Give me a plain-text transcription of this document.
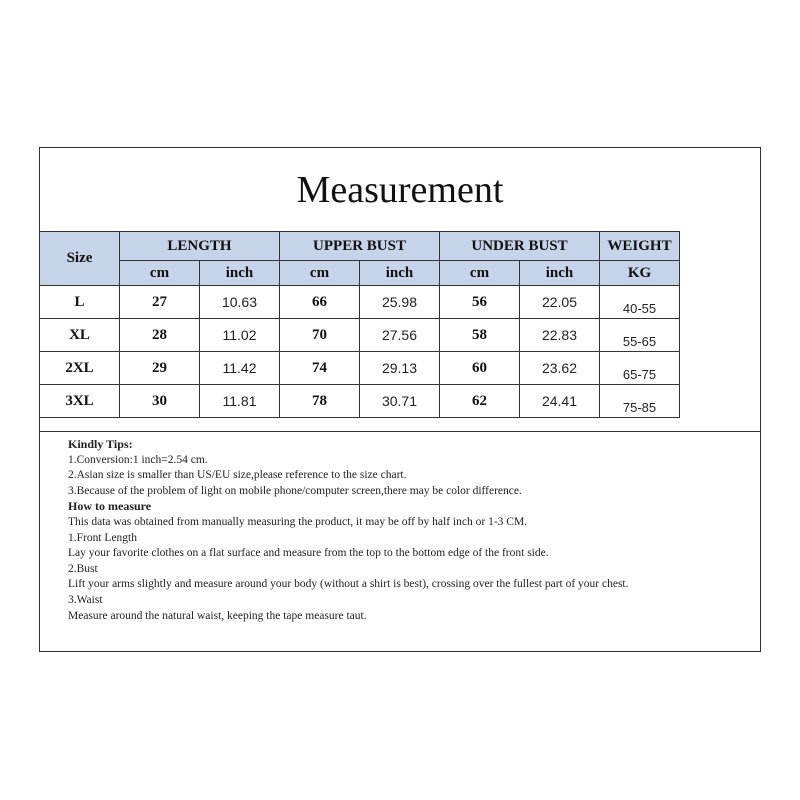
Measurement
Size	LENGTH		UPPER BUST		UNDER BUST		WEIGHT
	cm	inch	cm	inch	cm	inch	KG
L	27	10.63	66	25.98	56	22.05	40-55
XL	28	11.02	70	27.56	58	22.83	55-65
2XL	29	11.42	74	29.13	60	23.62	65-75
3XL	30	11.81	78	30.71	62	24.41	75-85
Kindly Tips:
1.Conversion:1 inch=2.54 cm.
2.Asian size is smaller than US/EU size,please reference to the size chart.
3.Because of the problem of light on mobile phone/computer screen,there may be color difference.
How to measure
This data was obtained from manually measuring the product, it may be off by half inch or 1-3 CM.
1.Front Length
Lay your favorite clothes on a flat surface and measure from the top to the bottom edge of the front side.
2.Bust
Lift your arms slightly and measure around your body (without a shirt is best), crossing over the fullest part of your chest.
3.Waist
Measure around the natural waist, keeping the tape measure taut.
